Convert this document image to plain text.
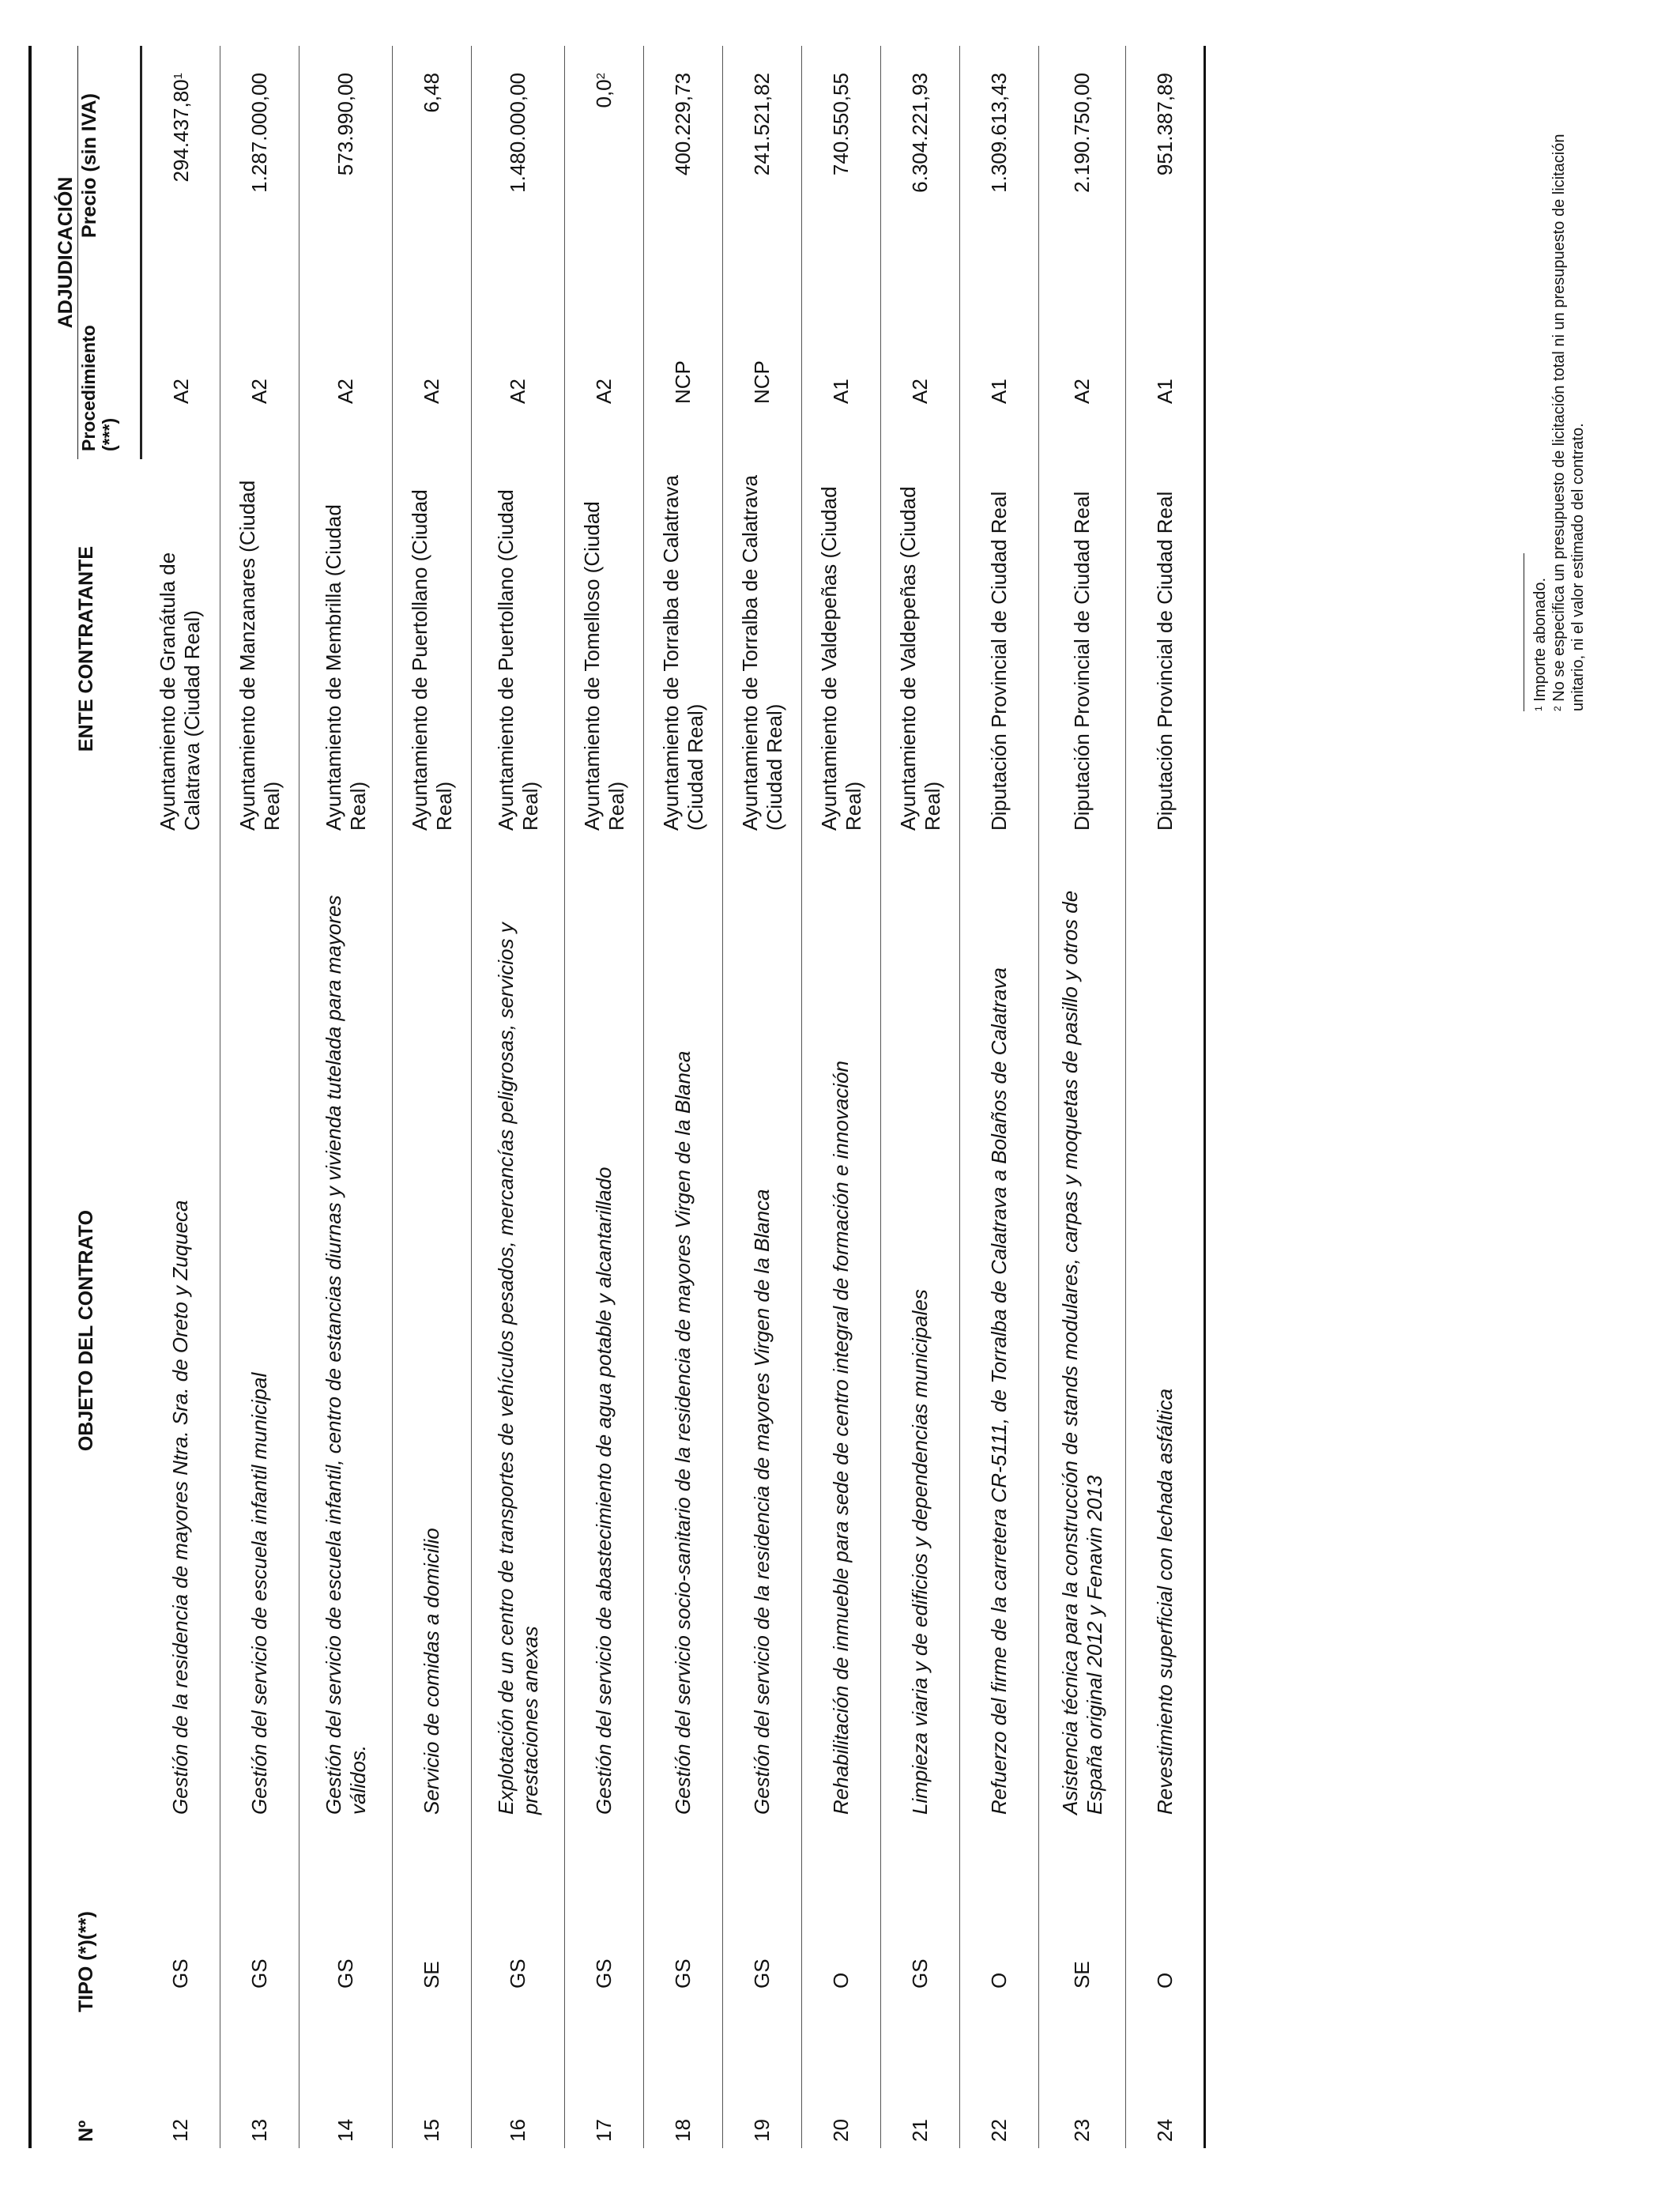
Nº	TIPO (*)(**)	OBJETO DEL CONTRATO	ENTE CONTRATANTE	ADJUDICACIÓN	
				Procedimiento (***)	Precio (sin IVA)
12	GS	Gestión de la residencia de mayores Ntra. Sra. de Oreto y Zuqueca	Ayuntamiento de Granátula de Calatrava (Ciudad Real)	A2	294.437,80$^1$
13	GS	Gestión del servicio de escuela infantil municipal	Ayuntamiento de Manzanares (Ciudad Real)	A2	1.287.000,00
14	GS	Gestión del servicio de escuela infantil, centro de estancias diurnas y vivienda tutelada para mayores válidos.	Ayuntamiento de Membrilla (Ciudad Real)	A2	573.990,00
15	SE	Servicio de comidas a domicilio	Ayuntamiento de Puertollano (Ciudad Real)	A2	6,48
16	GS	Explotación de un centro de transportes de vehículos pesados, mercancías peligrosas, servicios y prestaciones anexas	Ayuntamiento de Puertollano (Ciudad Real)	A2	1.480.000,00
17	GS	Gestión del servicio de abastecimiento de agua potable y alcantarillado	Ayuntamiento de Tomelloso (Ciudad Real)	A2	$0,0^2$
18	GS	Gestión del servicio socio-sanitario de la residencia de mayores Virgen de la Blanca	Ayuntamiento de Torralba de Calatrava (Ciudad Real)	NCP	400.229,73
19	GS	Gestión del servicio de la residencia de mayores Virgen de la Blanca	Ayuntamiento de Torralba de Calatrava (Ciudad Real)	NCP	241.521,82
20	O	Rehabilitación de inmueble para sede de centro integral de formación e innovación	Ayuntamiento de Valdepeñas (Ciudad Real)	A1	740.550,55
21	GS	Limpieza viaria y de edificios y dependencias municipales	Ayuntamiento de Valdepeñas (Ciudad Real)	A2	6.304.221,93
22	O	Refuerzo del firme de la carretera CR-5111, de Torralba de Calatrava a Bolaños de Calatrava	Diputación Provincial de Ciudad Real	A1	1.309.613,43
23	SE	Asistencia técnica para la construcción de stands modulares, carpas y moquetas de pasillo y otros de España original 2012 y Fenavin 2013	Diputación Provincial de Ciudad Real	A2	2.190.750,00
24	O	Revestimiento superficial con lechada asfáltica	Diputación Provincial de Ciudad Real	A1	951.387,89
$^1$ Importe abonado.
$^2$ No se especifica un presupuesto de licitación total ni un presupuesto de licitación unitario, ni el valor estimado del contrato.
